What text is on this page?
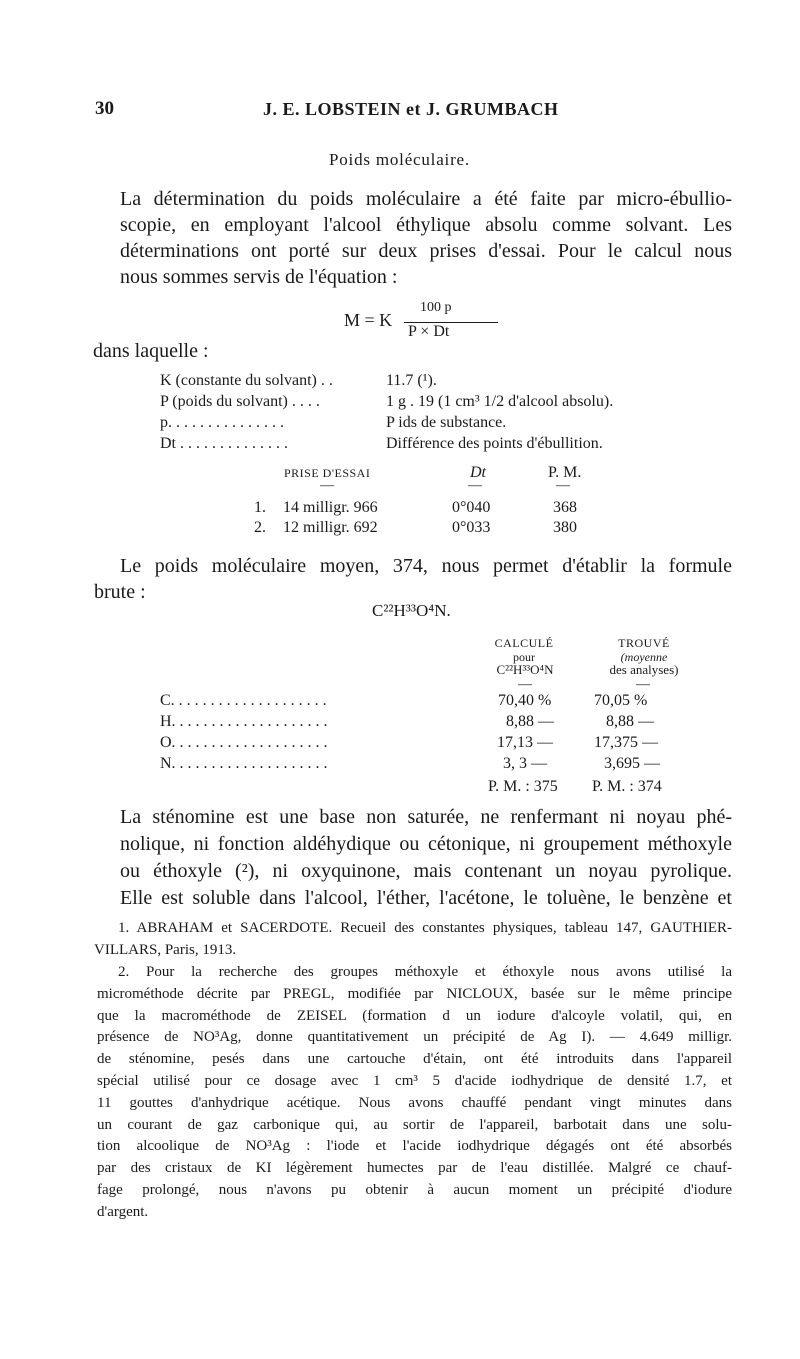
30	J. E. LOBSTEIN et J. GRUMBACH
Poids moléculaire.
La détermination du poids moléculaire a été faite par micro-ébullio-
scopie, en employant l'alcool éthylique absolu comme solvant. Les
déterminations ont porté sur deux prises d'essai. Pour le calcul nous
nous sommes servis de l'équation :
M = K
100 p
P × Dt
dans laquelle :
K (constante du solvant) . .	11.7 (¹).
P (poids du solvant) . . . .	1 g . 19 (1 cm³ 1/2 d'alcool absolu).
p. . . . . . . . . . . . . . .	P ids de substance.
Dt . . . . . . . . . . . . . .	Différence des points d'ébullition.
PRISE D'ESSAI	Dt	P. M.
—	—	—
1. 14 milligr. 966	0°040	368
2. 12 milligr. 692	0°033	380
Le poids moléculaire moyen, 374, nous permet d'établir la formule
brute :
C²²H³³O⁴N.
CALCULÉ
pour
C²²H³³O⁴N
TROUVÉ
(moyenne
des analyses)
—	—
C. . . . . . . . . . . . . . . . . . . .	70,40 %	70,05 %
H. . . . . . . . . . . . . . . . . . . .	8,88 —	8,88 —
O. . . . . . . . . . . . . . . . . . . .	17,13 —	17,375 —
N. . . . . . . . . . . . . . . . . . . .	3, 3 —	3,695 —
P. M. : 375 P. M. : 374
La sténomine est une base non saturée, ne renfermant ni noyau phé-
nolique, ni fonction aldéhydique ou cétonique, ni groupement méthoxyle
ou éthoxyle (²), ni oxyquinone, mais contenant un noyau pyrolique.
Elle est soluble dans l'alcool, l'éther, l'acétone, le toluène, le benzène et
1. ABRAHAM et SACERDOTE. Recueil des constantes physiques, tableau 147, GAUTHIER-
VILLARS, Paris, 1913.
2. Pour la recherche des groupes méthoxyle et éthoxyle nous avons utilisé la
microméthode décrite par PREGL, modifiée par NICLOUX, basée sur le même principe
que la macrométhode de ZEISEL (formation d un iodure d'alcoyle volatil, qui, en
présence de NO³Ag, donne quantitativement un précipité de Ag I). — 4.649 milligr.
de sténomine, pesés dans une cartouche d'étain, ont été introduits dans l'appareil
spécial utilisé pour ce dosage avec 1 cm³ 5 d'acide iodhydrique de densité 1.7, et
11 gouttes d'anhydrique acétique. Nous avons chauffé pendant vingt minutes dans
un courant de gaz carbonique qui, au sortir de l'appareil, barbotait dans une solu-
tion alcoolique de NO³Ag : l'iode et l'acide iodhydrique dégagés ont été absorbés
par des cristaux de KI légèrement humectes par de l'eau distillée. Malgré ce chauf-
fage prolongé, nous n'avons pu obtenir à aucun moment un précipité d'iodure
d'argent.
